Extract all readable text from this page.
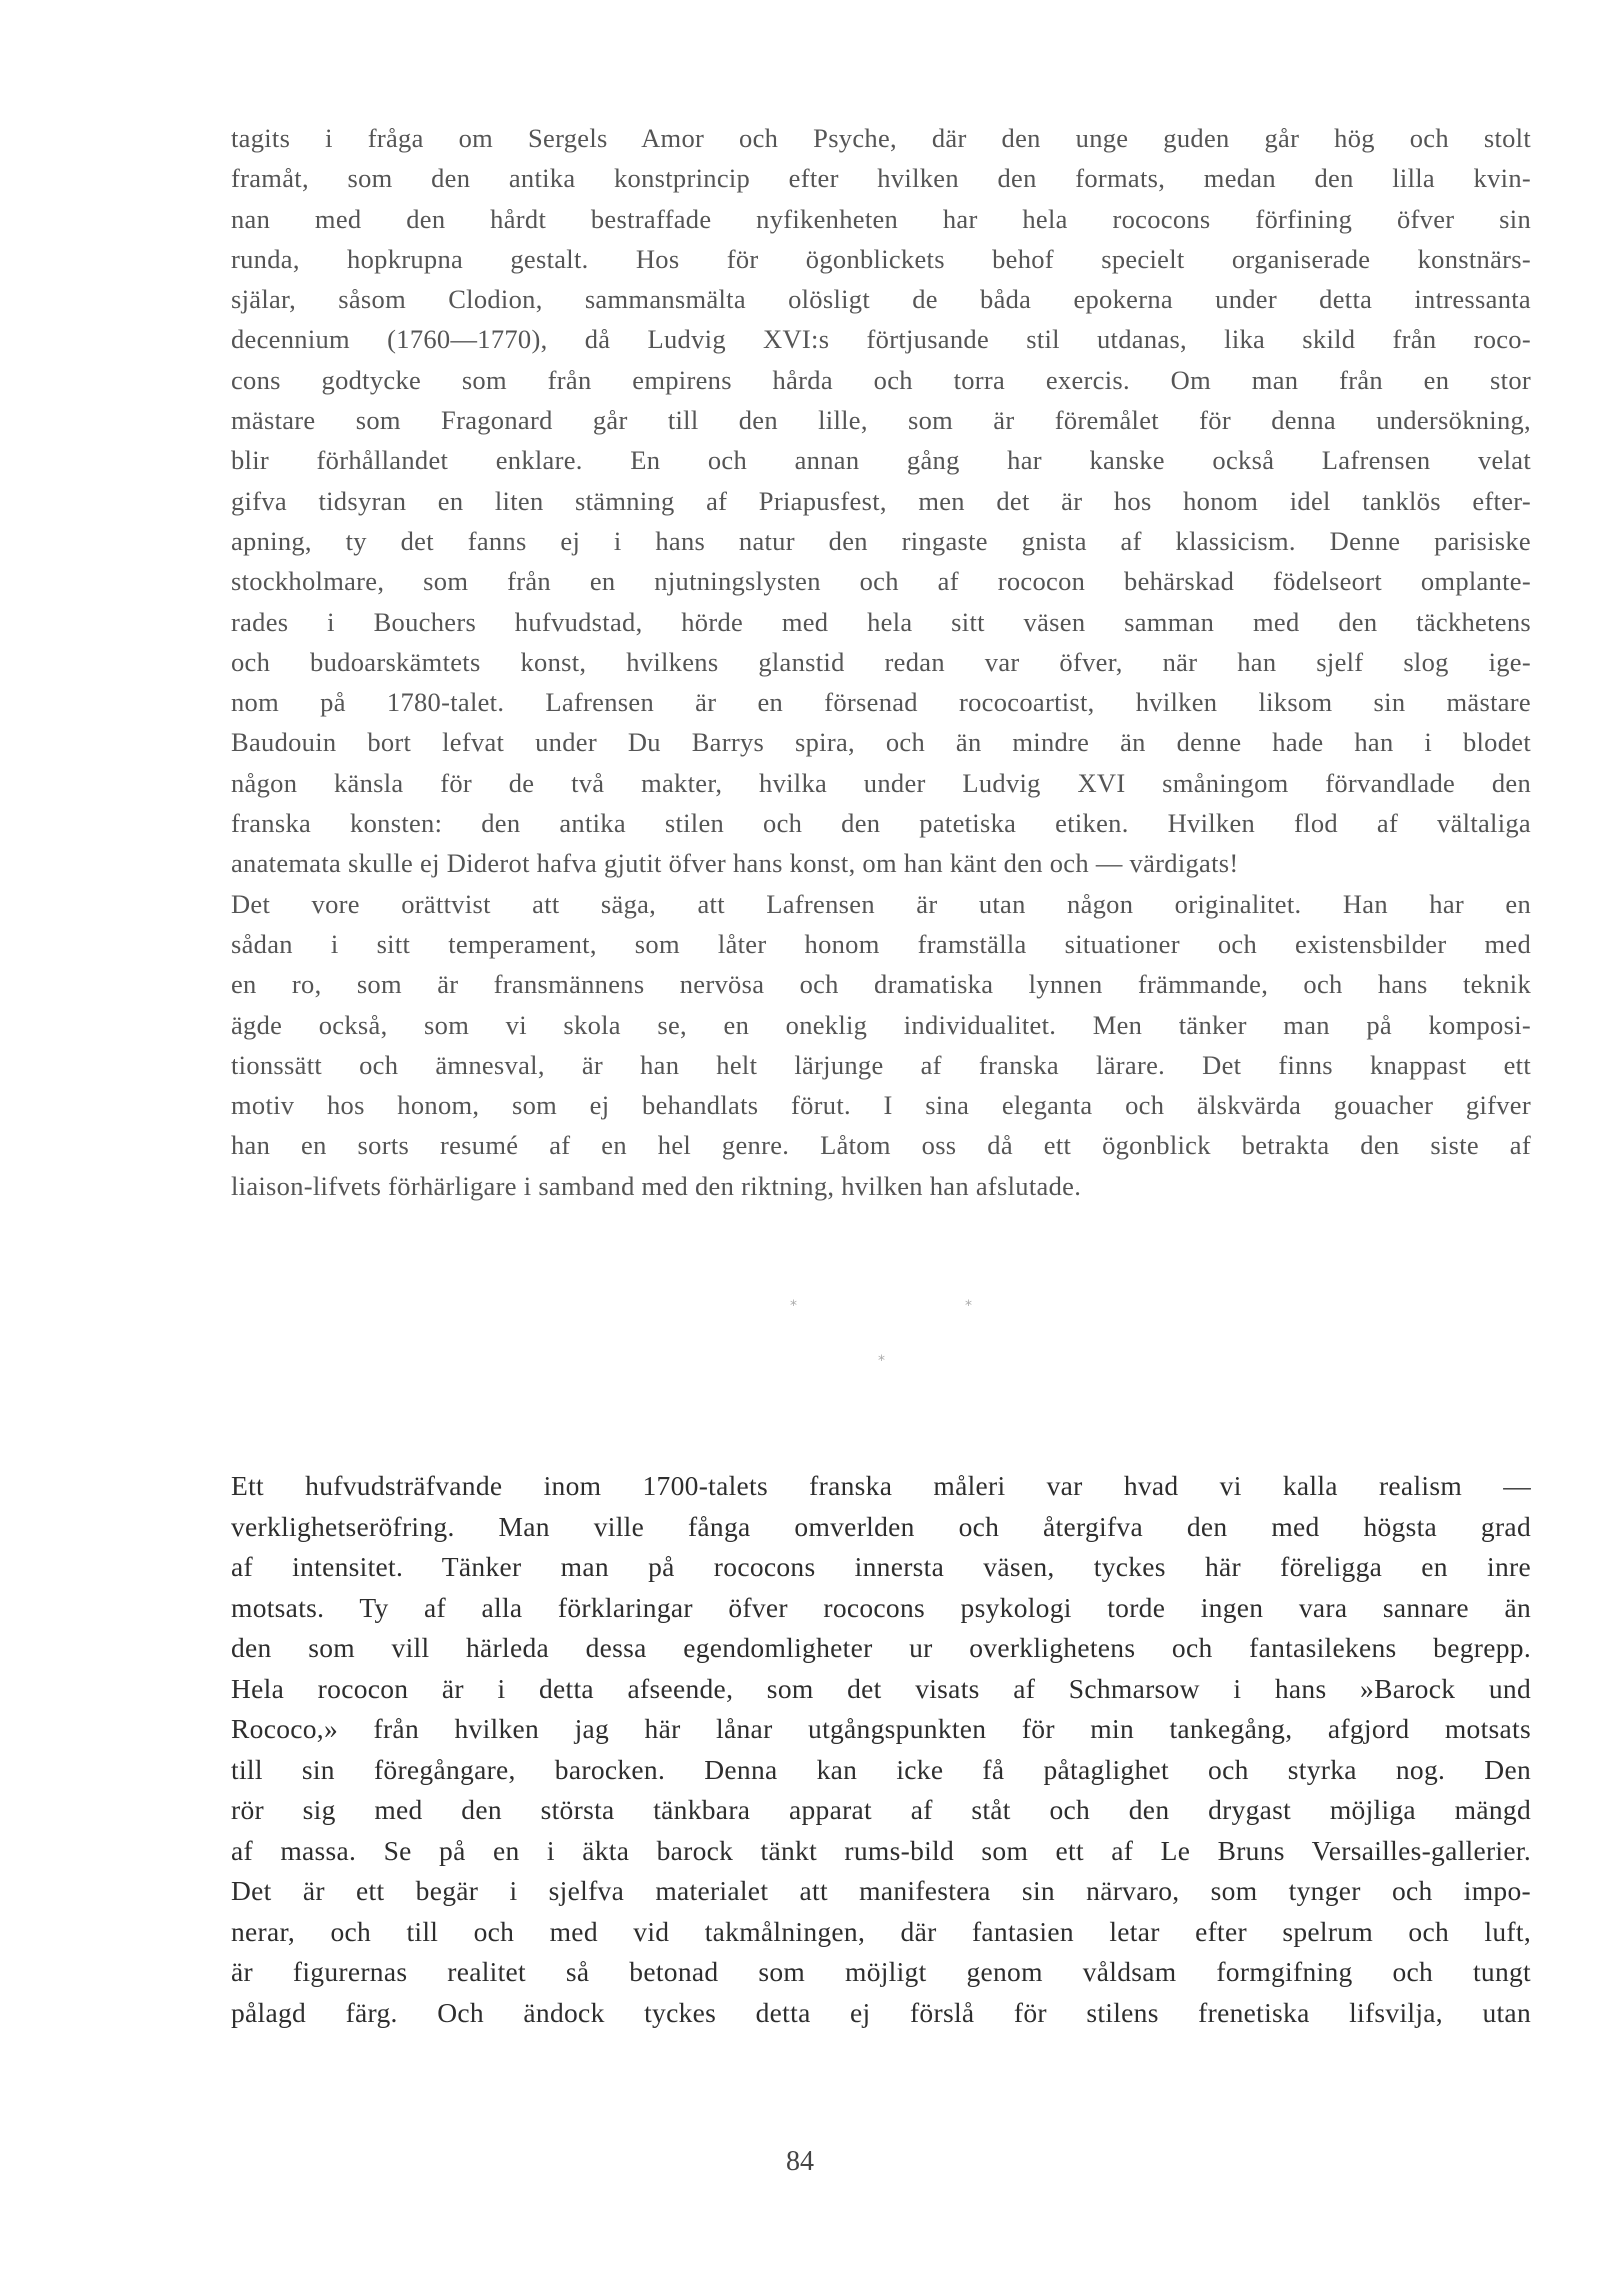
tagits i fråga om Sergels Amor och Psyche, där den unge guden går hög och stolt
framåt, som den antika konstprincip efter hvilken den formats, medan den lilla kvin-
nan med den hårdt bestraffade nyfikenheten har hela rococons förfining öfver sin
runda, hopkrupna gestalt. Hos för ögonblickets behof specielt organiserade konstnärs-
själar, såsom Clodion, sammansmälta olösligt de båda epokerna under detta intressanta
decennium (1760—1770), då Ludvig XVI:s förtjusande stil utdanas, lika skild från roco-
cons godtycke som från empirens hårda och torra exercis. Om man från en stor
mästare som Fragonard går till den lille, som är föremålet för denna undersökning,
blir förhållandet enklare. En och annan gång har kanske också Lafrensen velat
gifva tidsyran en liten stämning af Priapusfest, men det är hos honom idel tanklös efter-
apning, ty det fanns ej i hans natur den ringaste gnista af klassicism. Denne parisiske
stockholmare, som från en njutningslysten och af rococon behärskad födelseort omplante-
rades i Bouchers hufvudstad, hörde med hela sitt väsen samman med den täckhetens
och budoarskämtets konst, hvilkens glanstid redan var öfver, när han sjelf slog ige-
nom på 1780-talet. Lafrensen är en försenad rococoartist, hvilken liksom sin mästare
Baudouin bort lefvat under Du Barrys spira, och än mindre än denne hade han i blodet
någon känsla för de två makter, hvilka under Ludvig XVI småningom förvandlade den
franska konsten: den antika stilen och den patetiska etiken. Hvilken flod af vältaliga
anatemata skulle ej Diderot hafva gjutit öfver hans konst, om han känt den och — värdigats!
Det vore orättvist att säga, att Lafrensen är utan någon originalitet. Han har en
sådan i sitt temperament, som låter honom framställa situationer och existensbilder med
en ro, som är fransmännens nervösa och dramatiska lynnen främmande, och hans teknik
ägde också, som vi skola se, en oneklig individualitet. Men tänker man på komposi-
tionssätt och ämnesval, är han helt lärjunge af franska lärare. Det finns knappast ett
motiv hos honom, som ej behandlats förut. I sina eleganta och älskvärda gouacher gifver
han en sorts resumé af en hel genre. Låtom oss då ett ögonblick betrakta den siste af
liaison-lifvets förhärligare i samband med den riktning, hvilken han afslutade.
*	*
*
Ett hufvudsträfvande inom 1700-talets franska måleri var hvad vi kalla realism —
verklighetseröfring. Man ville fånga omverlden och återgifva den med högsta grad
af intensitet. Tänker man på rococons innersta väsen, tyckes här föreligga en inre
motsats. Ty af alla förklaringar öfver rococons psykologi torde ingen vara sannare än
den som vill härleda dessa egendomligheter ur overklighetens och fantasilekens begrepp.
Hela rococon är i detta afseende, som det visats af Schmarsow i hans »Barock und
Rococo,» från hvilken jag här lånar utgångspunkten för min tankegång, afgjord motsats
till sin föregångare, barocken. Denna kan icke få påtaglighet och styrka nog. Den
rör sig med den största tänkbara apparat af ståt och den drygast möjliga mängd
af massa. Se på en i äkta barock tänkt rums-bild som ett af Le Bruns Versailles-gallerier.
Det är ett begär i sjelfva materialet att manifestera sin närvaro, som tynger och impo-
nerar, och till och med vid takmålningen, där fantasien letar efter spelrum och luft,
är figurernas realitet så betonad som möjligt genom våldsam formgifning och tungt
pålagd färg. Och ändock tyckes detta ej förslå för stilens frenetiska lifsvilja, utan
84
